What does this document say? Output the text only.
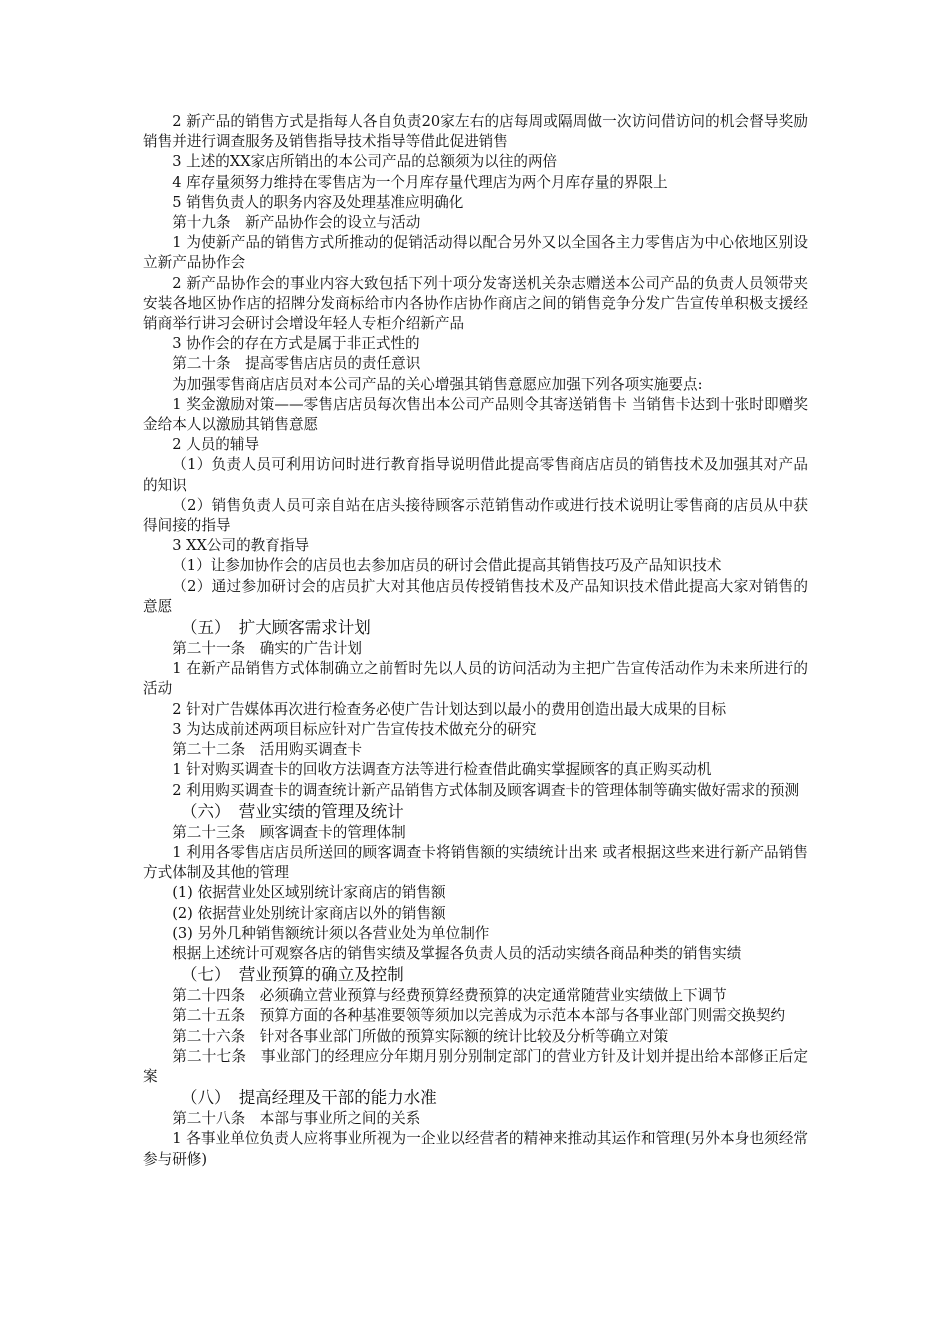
2 新产品的销售方式是指每人各自负责20家左右的店每周或隔周做一次访问借访问的机会督导奖励销售并进行调查服务及销售指导技术指导等借此促进销售

3 上述的XX家店所销出的本公司产品的总额须为以往的两倍

4 库存量须努力维持在零售店为一个月库存量代理店为两个月库存量的界限上

5 销售负责人的职务内容及处理基准应明确化

第十九条　新产品协作会的设立与活动

1 为使新产品的销售方式所推动的促销活动得以配合另外又以全国各主力零售店为中心依地区别设立新产品协作会

2 新产品协作会的事业内容大致包括下列十项分发寄送机关杂志赠送本公司产品的负责人员领带夹安装各地区协作店的招牌分发商标给市内各协作店协作商店之间的销售竞争分发广告宣传单积极支援经销商举行讲习会研讨会增设年轻人专柜介绍新产品

3 协作会的存在方式是属于非正式性的

第二十条　提高零售店店员的责任意识

为加强零售商店店员对本公司产品的关心增强其销售意愿应加强下列各项实施要点:

1 奖金激励对策——零售店店员每次售出本公司产品则令其寄送销售卡 当销售卡达到十张时即赠奖金给本人以激励其销售意愿

2 人员的辅导

（1）负责人员可利用访问时进行教育指导说明借此提高零售商店店员的销售技术及加强其对产品的知识

（2）销售负责人员可亲自站在店头接待顾客示范销售动作或进行技术说明让零售商的店员从中获得间接的指导

3 XX公司的教育指导

（1）让参加协作会的店员也去参加店员的研讨会借此提高其销售技巧及产品知识技术

（2）通过参加研讨会的店员扩大对其他店员传授销售技术及产品知识技术借此提高大家对销售的意愿

（五）　扩大顾客需求计划

第二十一条　确实的广告计划

1 在新产品销售方式体制确立之前暂时先以人员的访问活动为主把广告宣传活动作为未来所进行的活动

2 针对广告媒体再次进行检查务必使广告计划达到以最小的费用创造出最大成果的目标

3 为达成前述两项目标应针对广告宣传技术做充分的研究

第二十二条　活用购买调查卡

1 针对购买调查卡的回收方法调查方法等进行检查借此确实掌握顾客的真正购买动机

2 利用购买调查卡的调查统计新产品销售方式体制及顾客调查卡的管理体制等确实做好需求的预测

（六）　营业实绩的管理及统计

第二十三条　顾客调查卡的管理体制

1 利用各零售店店员所送回的顾客调查卡将销售额的实绩统计出来 或者根据这些来进行新产品销售方式体制及其他的管理

(1) 依据营业处区域别统计家商店的销售额

(2) 依据营业处别统计家商店以外的销售额

(3) 另外几种销售额统计须以各营业处为单位制作

根据上述统计可观察各店的销售实绩及掌握各负责人员的活动实绩各商品种类的销售实绩

（七）　营业预算的确立及控制

第二十四条　必须确立营业预算与经费预算经费预算的决定通常随营业实绩做上下调节

第二十五条　预算方面的各种基准要领等须加以完善成为示范本本部与各事业部门则需交换契约

第二十六条　针对各事业部门所做的预算实际额的统计比较及分析等确立对策

第二十七条　事业部门的经理应分年期月别分别制定部门的营业方针及计划并提出给本部修正后定案

（八）　提高经理及干部的能力水准

第二十八条　本部与事业所之间的关系

1 各事业单位负责人应将事业所视为一企业以经营者的精神来推动其运作和管理(另外本身也须经常参与研修)
